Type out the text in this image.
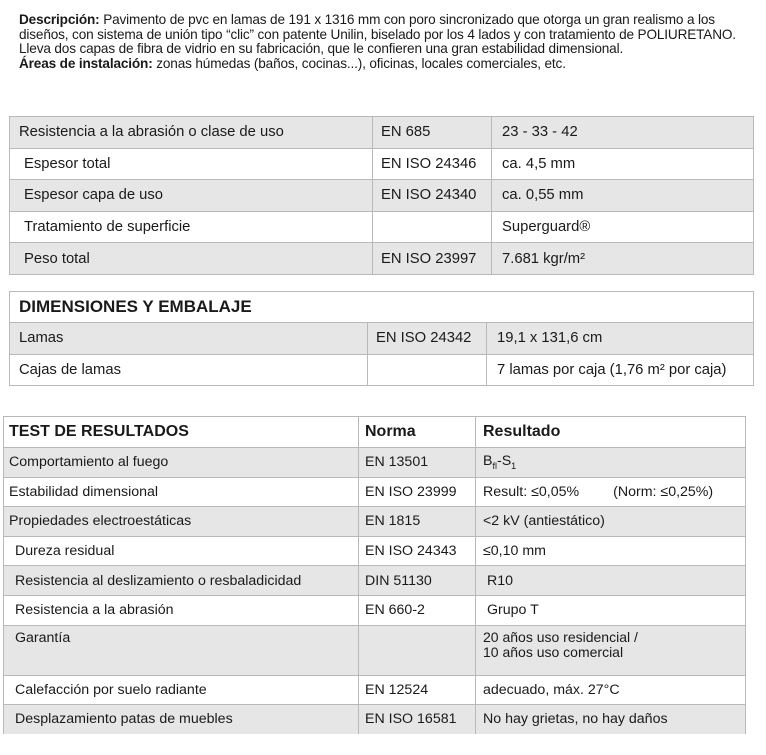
Descripción: Pavimento de pvc en lamas de 191 x 1316 mm con poro sincronizado que otorga un gran realismo a los diseños, con sistema de unión tipo “clic” con patente Unilin, biselado por los 4 lados y con tratamiento de POLIURETANO. Lleva dos capas de fibra de vidrio en su fabricación, que le confieren una gran estabilidad dimensional.
Áreas de instalación: zonas húmedas (baños, cocinas...), oficinas, locales comerciales, etc.
Resistencia a la abrasión o clase de uso	EN 685	23 - 33 - 42
Espesor total	EN ISO 24346	ca. 4,5 mm
Espesor capa de uso	EN ISO 24340	ca. 0,55 mm
Tratamiento de superficie		Superguard®
Peso total	EN ISO 23997	7.681 kgr/m²
DIMENSIONES Y EMBALAJE		
Lamas	EN ISO 24342	19,1 x 131,6 cm
Cajas de lamas		7 lamas por caja (1,76 m² por caja)
TEST DE RESULTADOS	Norma	Resultado
Comportamiento al fuego	EN 13501	$B_{fl}-S_1$
Estabilidad dimensional	EN ISO 23999	Result: ≤0,05% (Norm: ≤0,25%)
Propiedades electroestáticas	EN 1815	<2 kV (antiestático)
Dureza residual	EN ISO 24343	≤0,10 mm
Resistencia al deslizamiento o resbaladicidad	DIN 51130	R10
Resistencia a la abrasión	EN 660-2	Grupo T
Garantía		20 años uso residencial /
10 años uso comercial
Calefacción por suelo radiante	EN 12524	adecuado, máx. 27°C
Desplazamiento patas de muebles	EN ISO 16581	No hay grietas, no hay daños
